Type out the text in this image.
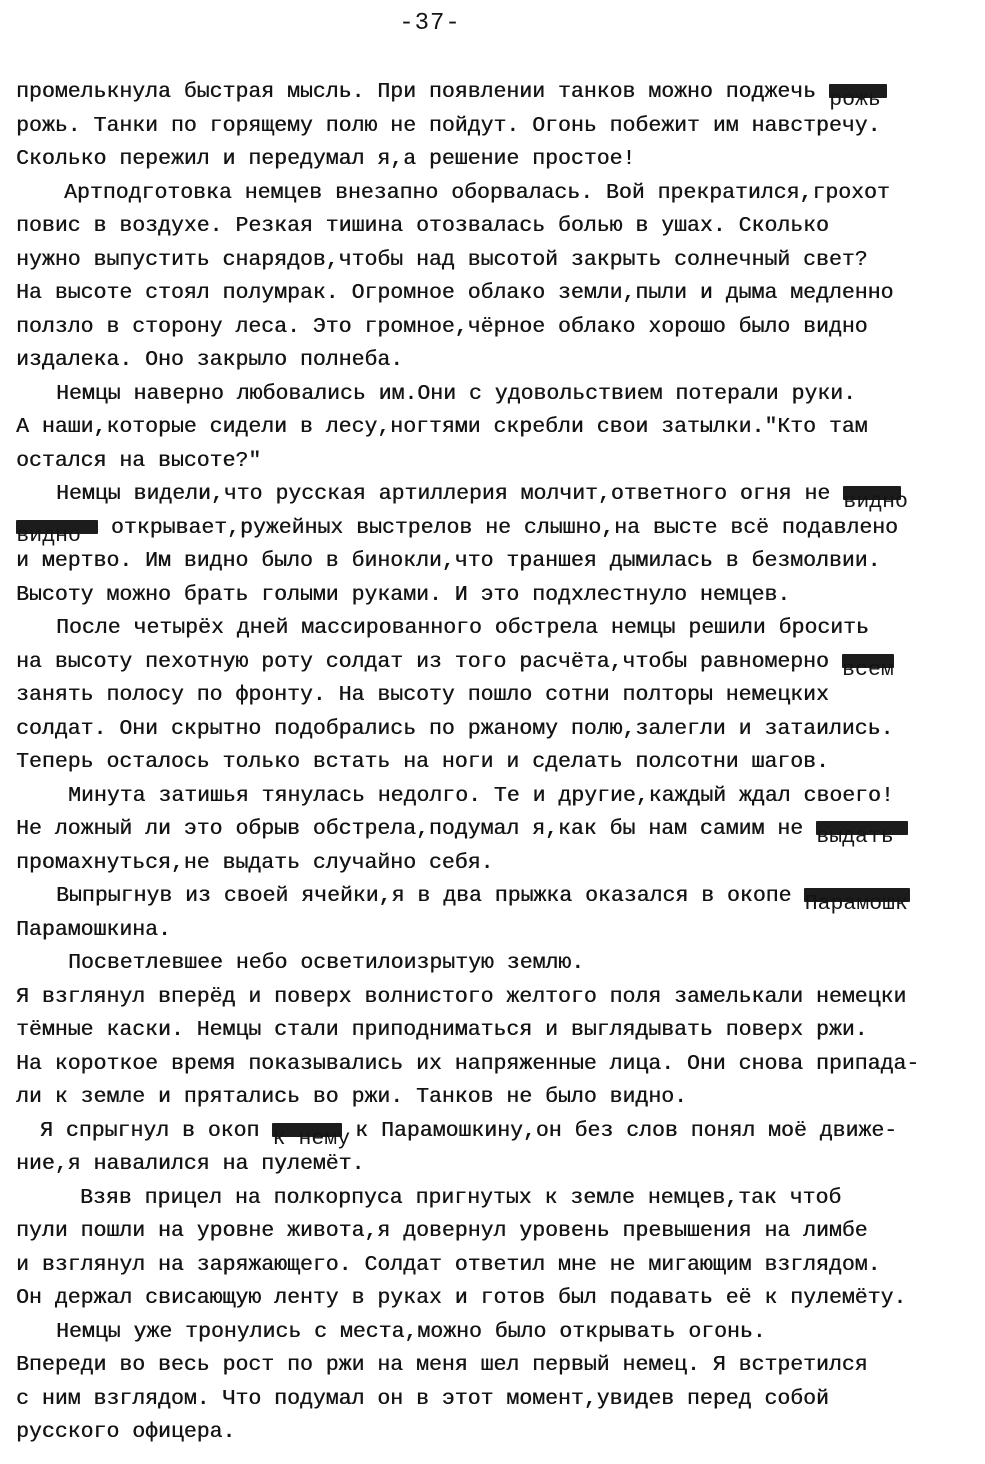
-37-
промелькнула быстрая мысль. При появлении танков можно поджечь рожь
рожь. Танки по горящему полю не пойдут. Огонь побежит им навстречу.
Сколько пережил и передумал я,а решение простое!
Артподготовка немцев внезапно оборвалась. Вой прекратился,грохот
повис в воздухе. Резкая тишина отозвалась болью в ушах. Сколько
нужно выпустить снарядов,чтобы над высотой закрыть солнечный свет?
На высоте стоял полумрак. Огромное облако земли,пыли и дыма медленно
ползло в сторону леса. Это громное,чёрное облако хорошо было видно
издалека. Оно закрыло полнеба.
Немцы наверно любовались им.Они с удовольствием потерали руки.
А наши,которые сидели в лесу,ногтями скребли свои затылки."Кто там
остался на высоте?"
Немцы видели,что русская артиллерия молчит,ответного огня не видно
видно открывает,ружейных выстрелов не слышно,на высте всё подавлено
и мертво. Им видно было в бинокли,что траншея дымилась в безмолвии.
Высоту можно брать голыми руками. И это подхлестнуло немцев.
После четырёх дней массированного обстрела немцы решили бросить
на высоту пехотную роту солдат из того расчёта,чтобы равномерно всем
занять полосу по фронту. На высоту пошло сотни полторы немецких
солдат. Они скрытно подобрались по ржаному полю,залегли и затаились.
Теперь осталось только встать на ноги и сделать полсотни шагов.
Минута затишья тянулась недолго. Те и другие,каждый ждал своего!
Не ложный ли это обрыв обстрела,подумал я,как бы нам самим не выдать
промахнуться,не выдать случайно себя.
Выпрыгнув из своей ячейки,я в два прыжка оказался в окопе Парамошк
Парамошкина.
Посветлевшее небо осветилоизрытую землю.
Я взглянул вперёд и поверх волнистого желтого поля замелькали немецки
тёмные каски. Немцы стали приподниматься и выглядывать поверх ржи.
На короткое время показывались их напряженные лица. Они снова припада-
ли к земле и прятались во ржи. Танков не было видно.
Я спрыгнул в окоп к нему к Парамошкину,он без слов понял моё движе-
ние,я навалился на пулемёт.
Взяв прицел на полкорпуса пригнутых к земле немцев,так чтоб
пули пошли на уровне живота,я довернул уровень превышения на лимбе
и взглянул на заряжающего. Солдат ответил мне не мигающим взглядом.
Он держал свисающую ленту в руках и готов был подавать её к пулемёту.
Немцы уже тронулись с места,можно было открывать огонь.
Впереди во весь рост по ржи на меня шел первый немец. Я встретился
с ним взглядом. Что подумал он в этот момент,увидев перед собой
русского офицера.
